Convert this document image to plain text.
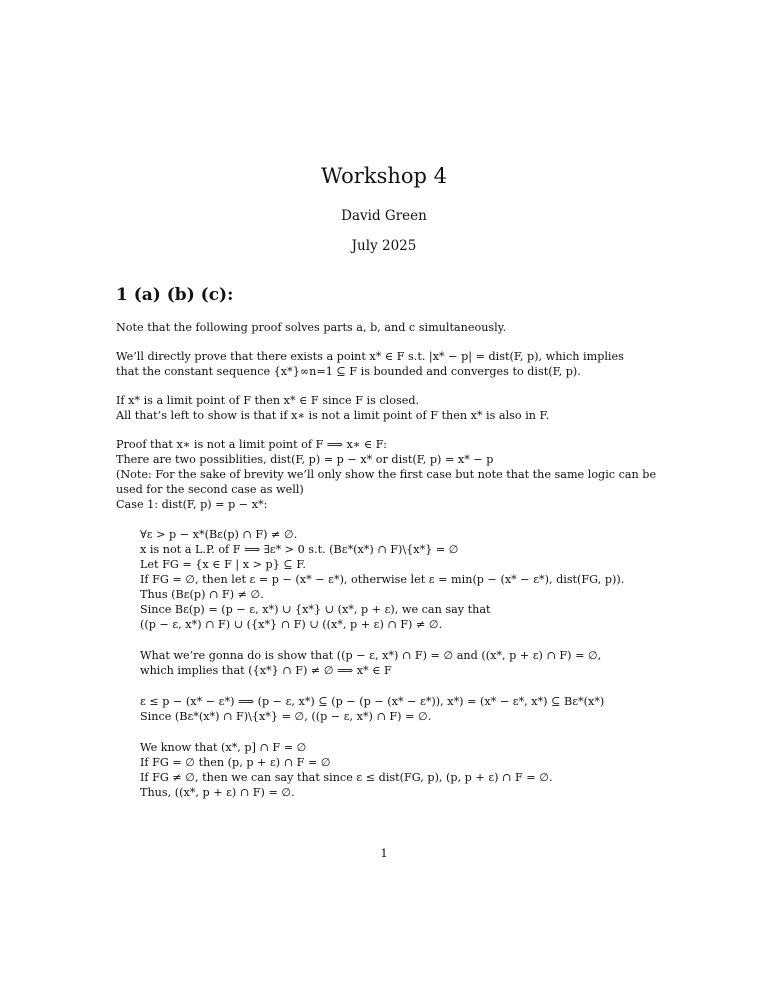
Workshop 4
David Green
July 2025
1 (a) (b) (c):
Note that the following proof solves parts a, b, and c simultaneously.
We’ll directly prove that there exists a point x* ∈ F s.t. |x* − p| = dist(F, p), which implies
that the constant sequence {x*}∞n=1 ⊆ F is bounded and converges to dist(F, p).
If x* is a limit point of F then x* ∈ F since F is closed.
All that’s left to show is that if x∗ is not a limit point of F then x* is also in F.
Proof that x∗ is not a limit point of F ⟹ x∗ ∈ F:
There are two possiblities, dist(F, p) = p − x* or dist(F, p) = x* − p
(Note: For the sake of brevity we’ll only show the first case but note that the same logic can be
used for the second case as well)
Case 1: dist(F, p) = p − x*:
∀ε > p − x*(Bε(p) ∩ F) ≠ ∅.
x is not a L.P. of F ⟹ ∃ε* > 0 s.t. (Bε*(x*) ∩ F)\{x*} = ∅
Let FG = {x ∈ F | x > p} ⊆ F.
If FG = ∅, then let ε = p − (x* − ε*), otherwise let ε = min(p − (x* − ε*), dist(FG, p)).
Thus (Bε(p) ∩ F) ≠ ∅.
Since Bε(p) = (p − ε, x*) ∪ {x*} ∪ (x*, p + ε), we can say that
((p − ε, x*) ∩ F) ∪ ({x*} ∩ F) ∪ ((x*, p + ε) ∩ F) ≠ ∅.
What we’re gonna do is show that ((p − ε, x*) ∩ F) = ∅ and ((x*, p + ε) ∩ F) = ∅,
which implies that ({x*} ∩ F) ≠ ∅ ⟹ x* ∈ F
ε ≤ p − (x* − ε*) ⟹ (p − ε, x*) ⊆ (p − (p − (x* − ε*)), x*) = (x* − ε*, x*) ⊆ Bε*(x*)
Since (Bε*(x*) ∩ F)\{x*} = ∅, ((p − ε, x*) ∩ F) = ∅.
We know that (x*, p] ∩ F = ∅
If FG = ∅ then (p, p + ε) ∩ F = ∅
If FG ≠ ∅, then we can say that since ε ≤ dist(FG, p), (p, p + ε) ∩ F = ∅.
Thus, ((x*, p + ε) ∩ F) = ∅.
1
